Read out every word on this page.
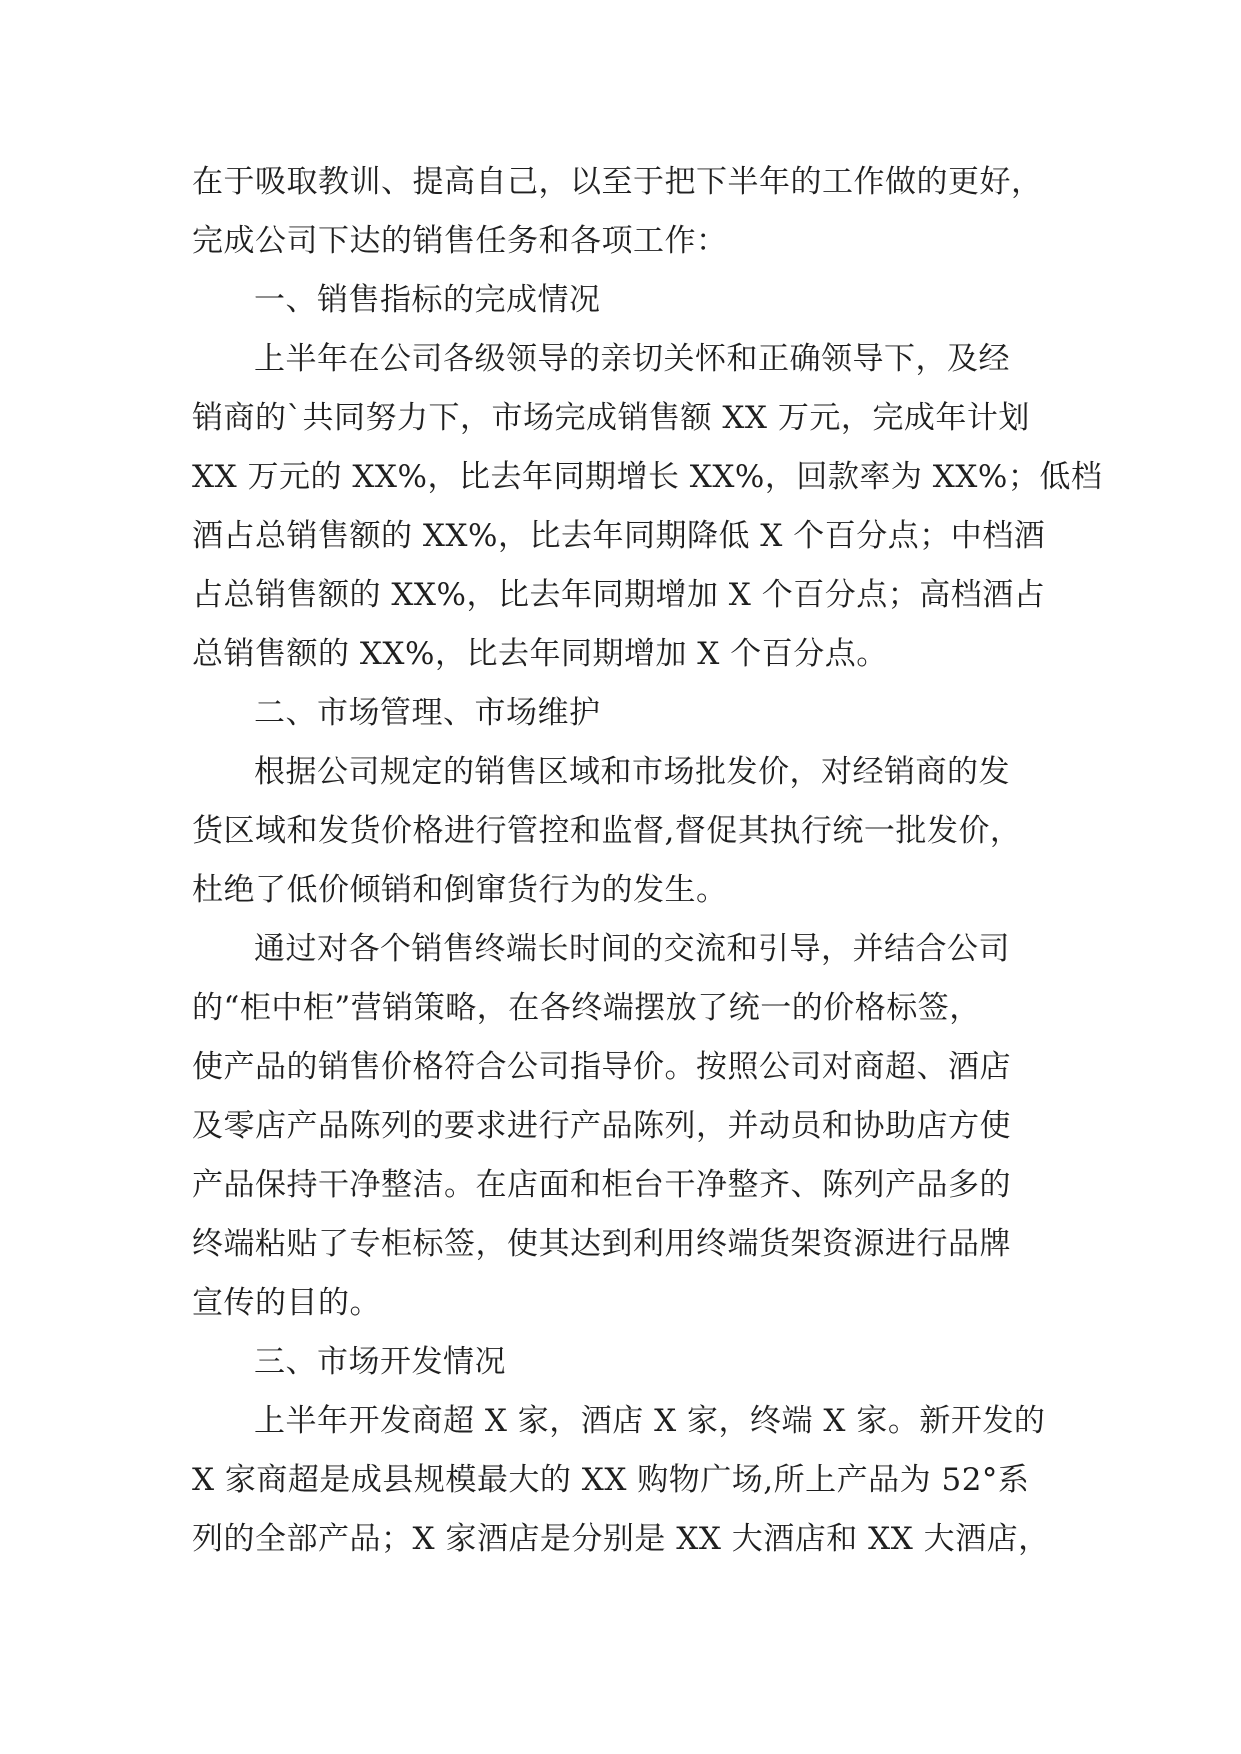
在于吸取教训、提高自己，以至于把下半年的工作做的更好，
完成公司下达的销售任务和各项工作：
一、销售指标的完成情况
上半年在公司各级领导的亲切关怀和正确领导下，及经
销商的`共同努力下，市场完成销售额 XX 万元，完成年计划
XX 万元的 XX%，比去年同期增长 XX%，回款率为 XX%；低档
酒占总销售额的 XX%，比去年同期降低 X 个百分点；中档酒
占总销售额的 XX%，比去年同期增加 X 个百分点；高档酒占
总销售额的 XX%，比去年同期增加 X 个百分点。
二、市场管理、市场维护
根据公司规定的销售区域和市场批发价，对经销商的发
货区域和发货价格进行管控和监督,督促其执行统一批发价，
杜绝了低价倾销和倒窜货行为的发生。
通过对各个销售终端长时间的交流和引导，并结合公司
的“柜中柜”营销策略，在各终端摆放了统一的价格标签，
使产品的销售价格符合公司指导价。按照公司对商超、酒店
及零店产品陈列的要求进行产品陈列，并动员和协助店方使
产品保持干净整洁。在店面和柜台干净整齐、陈列产品多的
终端粘贴了专柜标签，使其达到利用终端货架资源进行品牌
宣传的目的。
三、市场开发情况
上半年开发商超 X 家，酒店 X 家，终端 X 家。新开发的
X 家商超是成县规模最大的 XX 购物广场,所上产品为 52°系
列的全部产品；X 家酒店是分别是 XX 大酒店和 XX 大酒店，
